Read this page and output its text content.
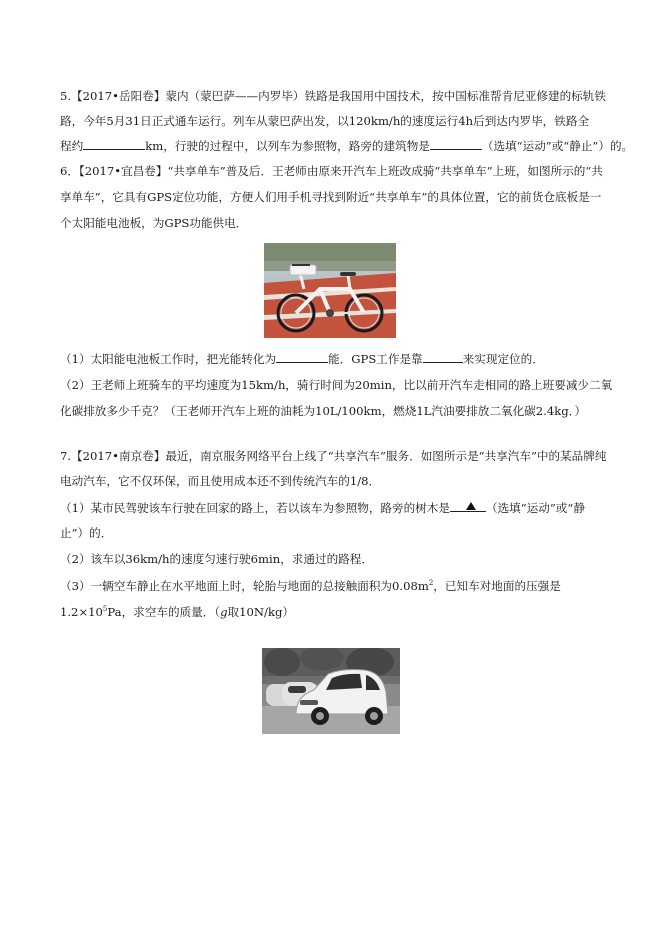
5.【2017•岳阳卷】蒙内（蒙巴萨——内罗毕）铁路是我国用中国技术，按中国标准帮肯尼亚修建的标轨铁
路，今年5月31日正式通车运行。列车从蒙巴萨出发，以120km/h的速度运行4h后到达内罗毕，铁路全
程约	km，行驶的过程中，以列车为参照物，路旁的建筑物是	（选填“运动”或“静止”）的。
6．【2017•宜昌卷】“共享单车”普及后．王老师由原来开汽车上班改成骑“共享单车”上班，如图所示的“共
享单车”，它具有GPS定位功能，方便人们用手机寻找到附近“共享单车”的具体位置，它的前货仓底板是一
个太阳能电池板，为GPS功能供电．
（1）太阳能电池板工作时，把光能转化为	能．GPS工作是靠	来实现定位的．
（2）王老师上班骑车的平均速度为15km/h，骑行时间为20min，比以前开汽车走相同的路上班要减少二氧
化碳排放多少千克？（王老师开汽车上班的油耗为10L/100km，燃烧1L汽油要排放二氧化碳2.4kg．）
7.【2017•南京卷】最近，南京服务网络平台上线了“共享汽车”服务．如图所示是“共享汽车”中的某品牌纯
电动汽车，它不仅环保，而且使用成本还不到传统汽车的1/8．
（1）某市民驾驶该车行驶在回家的路上，若以该车为参照物，路旁的树木是	（选填“运动”或“静
止”）的．
（2）该车以36km/h的速度匀速行驶6min，求通过的路程．
（3）一辆空车静止在水平地面上时，轮胎与地面的总接触面积为$0.08m^2$，已知车对地面的压强是
$1.2\times 10^5Pa$，求空车的质量．（g取10N/kg）
